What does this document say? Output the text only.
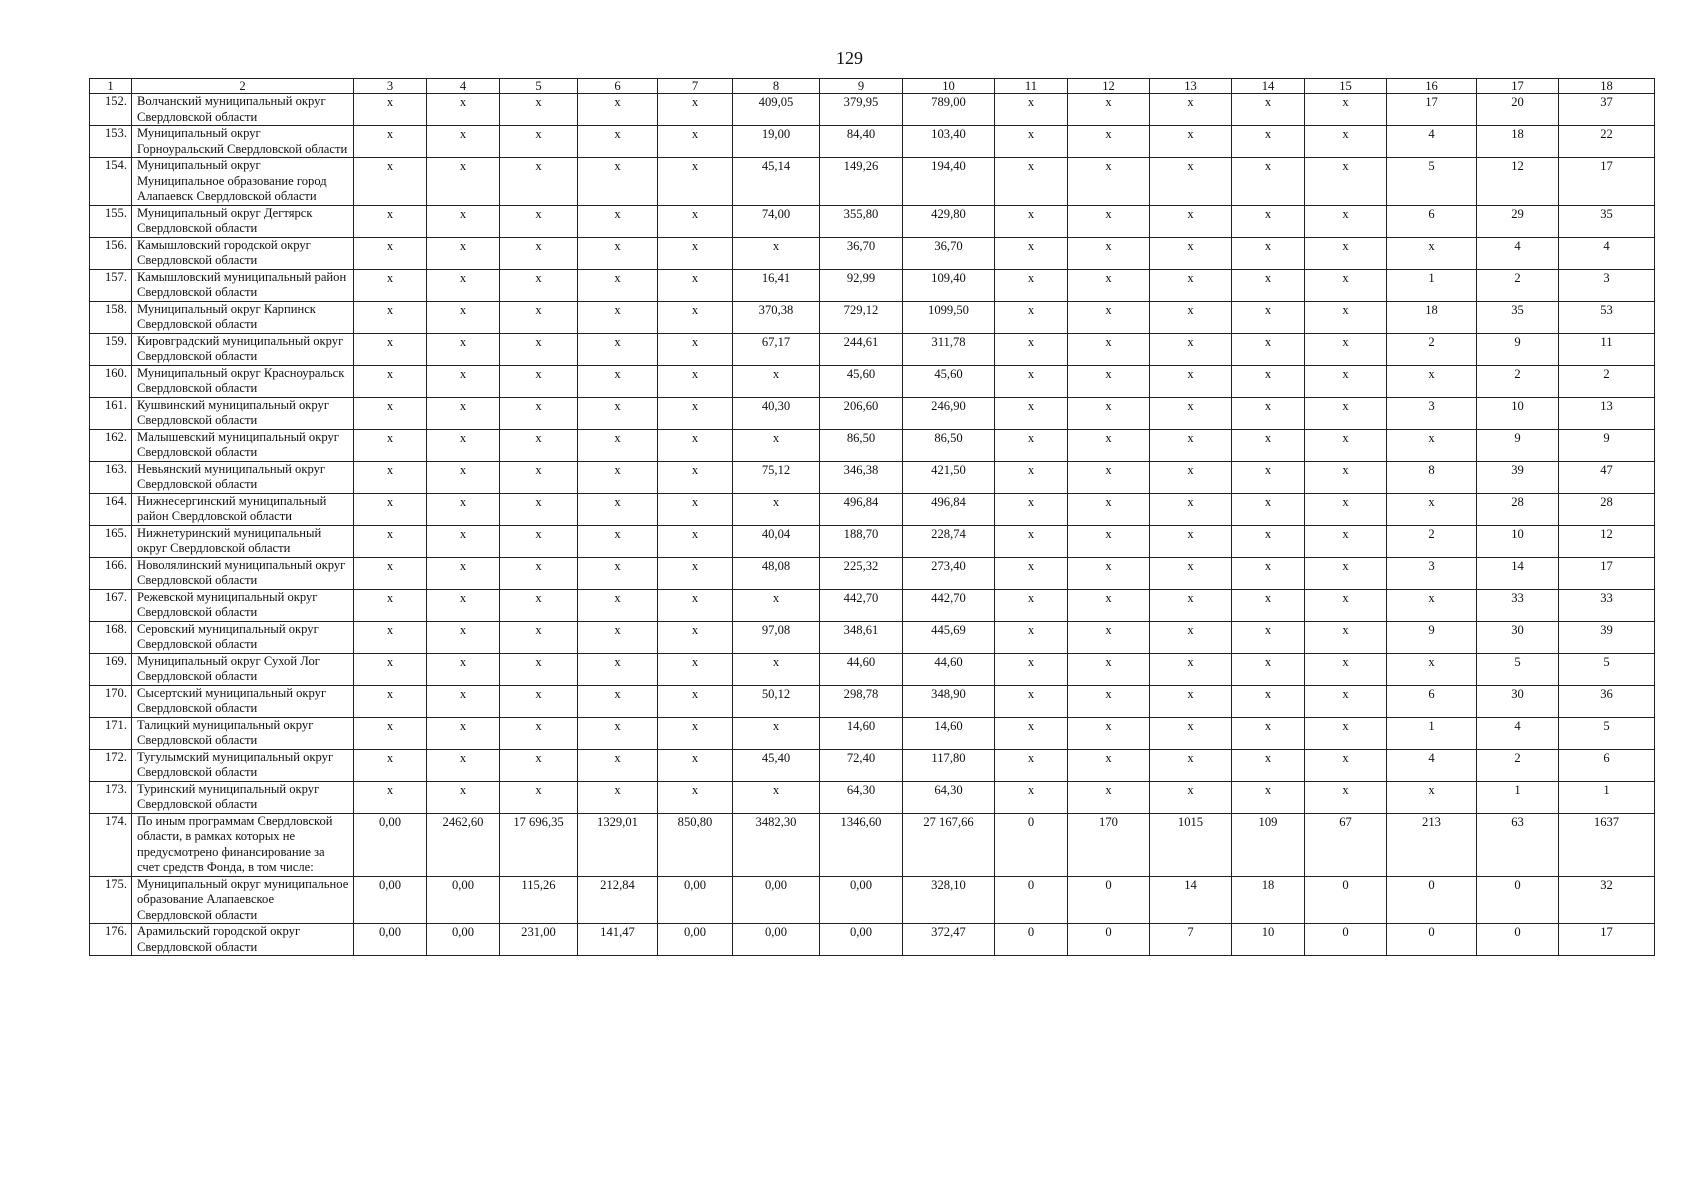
129
1	2	3	4	5	6	7	8	9	10	11	12	13	14	15	16	17	18
152.	Волчанский муниципальный округ Свердловской области	x	x	x	x	x	409,05	379,95	789,00	x	x	x	x	x	17	20	37
153.	Муниципальный округ Горноуральский Свердловской области	x	x	x	x	x	19,00	84,40	103,40	x	x	x	x	x	4	18	22
154.	Муниципальный округ Муниципальное образование город Алапаевск Свердловской области	x	x	x	x	x	45,14	149,26	194,40	x	x	x	x	x	5	12	17
155.	Муниципальный округ Дегтярск Свердловской области	x	x	x	x	x	74,00	355,80	429,80	x	x	x	x	x	6	29	35
156.	Камышловский городской округ Свердловской области	x	x	x	x	x	x	36,70	36,70	x	x	x	x	x	x	4	4
157.	Камышловский муниципальный район Свердловской области	x	x	x	x	x	16,41	92,99	109,40	x	x	x	x	x	1	2	3
158.	Муниципальный округ Карпинск Свердловской области	x	x	x	x	x	370,38	729,12	1099,50	x	x	x	x	x	18	35	53
159.	Кировградский муниципальный округ Свердловской области	x	x	x	x	x	67,17	244,61	311,78	x	x	x	x	x	2	9	11
160.	Муниципальный округ Красноуральск Свердловской области	x	x	x	x	x	x	45,60	45,60	x	x	x	x	x	x	2	2
161.	Кушвинский муниципальный округ Свердловской области	x	x	x	x	x	40,30	206,60	246,90	x	x	x	x	x	3	10	13
162.	Малышевский муниципальный округ Свердловской области	x	x	x	x	x	x	86,50	86,50	x	x	x	x	x	x	9	9
163.	Невьянский муниципальный округ Свердловской области	x	x	x	x	x	75,12	346,38	421,50	x	x	x	x	x	8	39	47
164.	Нижнесергинский муниципальный район Свердловской области	x	x	x	x	x	x	496,84	496,84	x	x	x	x	x	x	28	28
165.	Нижнетуринский муниципальный округ Свердловской области	x	x	x	x	x	40,04	188,70	228,74	x	x	x	x	x	2	10	12
166.	Новолялинский муниципальный округ Свердловской области	x	x	x	x	x	48,08	225,32	273,40	x	x	x	x	x	3	14	17
167.	Режевской муниципальный округ Свердловской области	x	x	x	x	x	x	442,70	442,70	x	x	x	x	x	x	33	33
168.	Серовский муниципальный округ Свердловской области	x	x	x	x	x	97,08	348,61	445,69	x	x	x	x	x	9	30	39
169.	Муниципальный округ Сухой Лог Свердловской области	x	x	x	x	x	x	44,60	44,60	x	x	x	x	x	x	5	5
170.	Сысертский муниципальный округ Свердловской области	x	x	x	x	x	50,12	298,78	348,90	x	x	x	x	x	6	30	36
171.	Талицкий муниципальный округ Свердловской области	x	x	x	x	x	x	14,60	14,60	x	x	x	x	x	1	4	5
172.	Тугулымский муниципальный округ Свердловской области	x	x	x	x	x	45,40	72,40	117,80	x	x	x	x	x	4	2	6
173.	Туринский муниципальный округ Свердловской области	x	x	x	x	x	x	64,30	64,30	x	x	x	x	x	x	1	1
174.	По иным программам Свердловской области, в рамках которых не предусмотрено финансирование за счет средств Фонда, в том числе:	0,00	2462,60	17 696,35	1329,01	850,80	3482,30	1346,60	27 167,66	0	170	1015	109	67	213	63	1637
175.	Муниципальный округ муниципальное образование Алапаевское Свердловской области	0,00	0,00	115,26	212,84	0,00	0,00	0,00	328,10	0	0	14	18	0	0	0	32
176.	Арамильский городской округ Свердловской области	0,00	0,00	231,00	141,47	0,00	0,00	0,00	372,47	0	0	7	10	0	0	0	17
